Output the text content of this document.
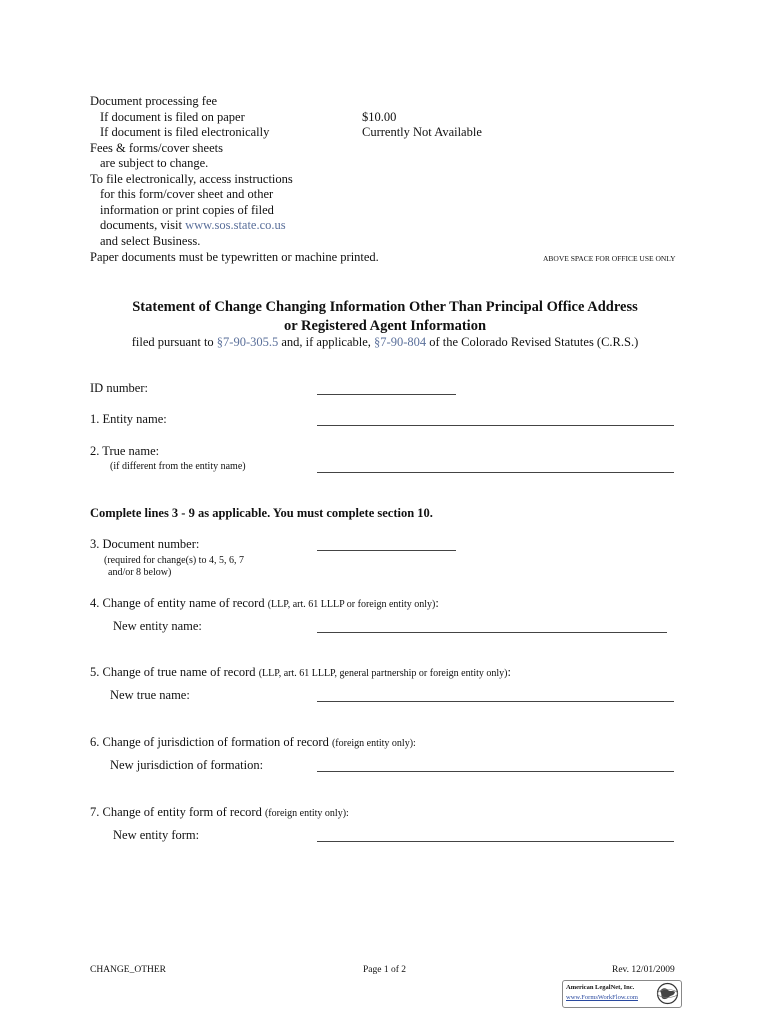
Document processing fee
If document is filed on paper	$10.00
If document is filed electronically	Currently Not Available
Fees & forms/cover sheets
are subject to change.
To file electronically, access instructions
for this form/cover sheet and other
information or print copies of filed
documents, visit www.sos.state.co.us
and select Business.
Paper documents must be typewritten or machine printed.	ABOVE SPACE FOR OFFICE USE ONLY
Statement of Change Changing Information Other Than Principal Office Address
or Registered Agent Information
filed pursuant to §7-90-305.5 and, if applicable, §7-90-804 of the Colorado Revised Statutes (C.R.S.)
ID number:
1. Entity name:
2. True name:
(if different from the entity name)
Complete lines 3 - 9 as applicable. You must complete section 10.
3. Document number:
(required for change(s) to 4, 5, 6, 7
and/or 8 below)
4. Change of entity name of record (LLP, art. 61 LLLP or foreign entity only):
New entity name:
5. Change of true name of record (LLP, art. 61 LLLP, general partnership or foreign entity only):
New true name:
6. Change of jurisdiction of formation of record (foreign entity only):
New jurisdiction of formation:
7. Change of entity form of record (foreign entity only):
New entity form:
CHANGE_OTHER	Page 1 of 2	Rev. 12/01/2009
American LegalNet, Inc.
www.FormsWorkFlow.com
